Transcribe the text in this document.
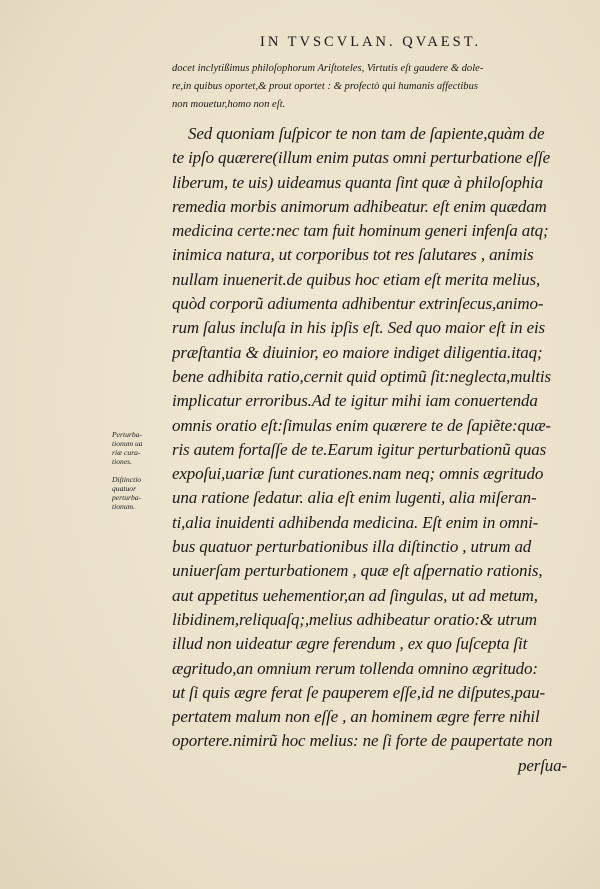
IN TVSCVLAN. QVAEST.
docet inclytißimus philoſophorum Ariſtoteles, Virtutis eſt gaudere & dole-
re,in quibus oportet,& prout oportet : & profectò qui humanis affectibus
non mouetur,homo non eſt.
Sed quoniam ſuſpicor te non tam de ſapiente,quàm de
te ipſo quærere(illum enim putas omni perturbatione eſſe
liberum, te uis) uideamus quanta ſint quæ à philoſophia
remedia morbis animorum adhibeatur. eſt enim quædam
medicina certe:nec tam fuit hominum generi infenſa atq;
inimica natura, ut corporibus tot res ſalutares , animis
nullam inuenerit.de quibus hoc etiam eſt merita melius,
quòd corporũ adiumenta adhibentur extrinſecus,animo-
rum ſalus incluſa in his ipſis eſt. Sed quo maior eſt in eis
præſtantia & diuinior, eo maiore indiget diligentia.itaq;
bene adhibita ratio,cernit quid optimũ ſit:neglecta,multis
implicatur erroribus.Ad te igitur mihi iam conuertenda
omnis oratio eſt:ſimulas enim quærere te de ſapiẽte:quæ-
ris autem fortaſſe de te.Earum igitur perturbationũ quas
expoſui,uariæ ſunt curationes.nam neq; omnis ægritudo
una ratione ſedatur. alia eſt enim lugenti, alia miſeran-
ti,alia inuidenti adhibenda medicina. Eſt enim in omni-
bus quatuor perturbationibus illa diſtinctio , utrum ad
uniuerſam perturbationem , quæ eſt aſpernatio rationis,
aut appetitus uehementior,an ad ſingulas, ut ad metum,
libidinem,reliquaſq;,melius adhibeatur oratio:& utrum
illud non uideatur ægre ferendum , ex quo ſuſcepta ſit
ægritudo,an omnium rerum tollenda omnino ægritudo:
ut ſi quis ægre ferat ſe pauperem eſſe,id ne diſputes,pau-
pertatem malum non eſſe , an hominem ægre ferre nihil
oportere.nimirũ hoc melius: ne ſi forte de paupertate non
perſua-
Perturba-
tionum ua
riæ cura-
tiones.
Diſtinctio
quatuor
perturba-
tionum.
